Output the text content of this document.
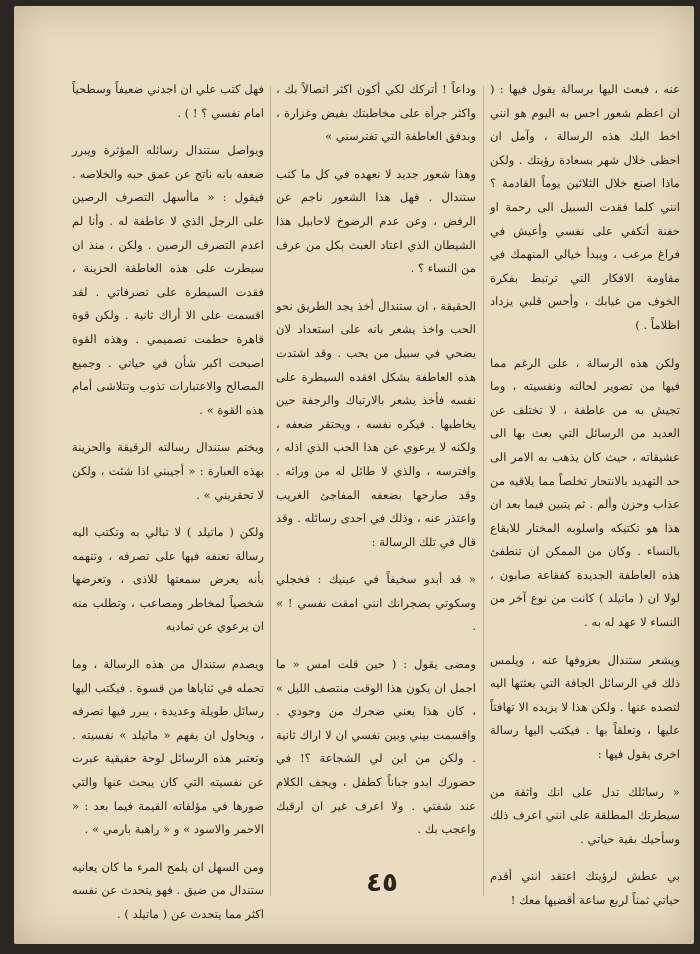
عنه ، فبعث اليها برسالة يقول فيها : ( ان اعظم شعور احس به اليوم هو انني اخط اليك هذه الرسالة ، وآمل ان احظى خلال شهر بسعادة رؤيتك . ولكن ماذا اصنع خلال الثلاثين يوماً القادمة ؟ انني كلما فقدت السبيل الى رحمة او حفنة أتكفي على نفسي وأعيش في فراغ مرعب ، ويبدأ خيالي المنهمك في مقاومة الافكار التي ترتبط بفكرة الخوف من غيابك ، وأحس قلبي يزداد اظلاماً . )

ولكن هذه الرسالة ، على الرغم مما فيها من تصوير لحالته ونفسيته ، وما تجيش به من عاطفة ، لا تختلف عن العديد من الرسائل التي بعث بها الى عشيقاته ، حيث كان يذهب به الامر الى حد التهديد بالانتحار تخلصاً مما يلاقيه من عذاب وحزن وألم . ثم يتبين فيما بعد ان هذا هو تكتيكه واسلوبه المختار للايقاع بالنساء . وكان من الممكن ان تنطفئ هذه العاطفة الجديدة كفقاعة صابون ، لولا ان ( ماتيلد ) كانت من نوع آخر من النساء لا عهد له به .

ويشعر ستندال بعزوفها عنه ، ويلمس ذلك في الرسائل الجافة التي بعثتها اليه لتصده عنها . ولكن هذا لا يزيده الا تهافتاً عليها ، وتعلقاً بها . فيكتب اليها رسالة اخرى يقول فيها :

« رسائلك تدل على انك واثقة من سيطرتك المطلقة على انني اعرف ذلك وسأحيك بقية حياتي .

بي عطش لرؤيتك اعتقد انني أقدم حياتي ثمناً لربع ساعة أقضيها معك !

وداعاً ! أتركك لكي أكون اكثر اتصالاً بك ، واكثر جرأة على مخاطبتك بفيض وغزارة ، وبدفق العاطفة التي تفترسني »

وهذا شعور جديد لا نعهده في كل ما كتب ستندال . فهل هذا الشعور ناجم عن الرفض ، وعن عدم الرضوخ لاحابيل هذا الشيطان الذي اعتاد العبث بكل من عرف من النساء ؟ .

الحقيقة ، ان ستندال أخذ يجد الطريق نحو الحب واخذ يشعر بانه على استعداد لان يضحي في سبيل من يحب . وقد اشتدت هذه العاطفة بشكل افقده السيطرة على نفسه فأخذ يشعر بالارتباك والرجفة حين يخاطبها . فيكره نفسه ، ويحتقر ضعفه ، ولكنه لا يرعوي عن هذا الحب الذي اذله ، وافترسه ، والذي لا طائل له من ورائه . وقد صارحها بضعفه المفاجئ الغريب واعتذر عنه ، وذلك في احدى رسائله . وقد قال في تلك الرسالة :

« قد أبدو سخيفاً في عينيك : فخجلي وسكوتي بضجرانك انني امقت نفسي ! » .

ومضى يقول : ( حين قلت امس « ما اجمل ان يكون هذا الوقت منتصف الليل » ، كان هذا يعني ضجرك من وجودي . واقسمت بيني وبين نفسي ان لا اراك ثانية . ولكن من اين لي الشجاعة ؟! في حضورك ابدو جباناً كطفل ، ويجف الكلام عند شفتي . ولا اعرف غير ان ارقبك واعجب بك .

فهل كتب علي ان اجدني ضعيفاً وسطحياً امام نفسي ؟ ! ) .

ويواصل ستندال رسائله المؤثرة ويبرر ضعفه بانه ناتج عن عمق حبه والخلاصه . فيقول : « ماأسهل التصرف الرصين على الرجل الذي لا عاطفة له . وأنا لم اعدم التصرف الرصين . ولكن ، منذ ان سيطرت على هذه العاطفة الحزينة ، فقدت السيطرة على تصرفاتي . لقد اقسمت على الا أراك ثانية . ولكن قوة قاهرة حطمت تصميمي . وهذه القوة اصبحت اكبر شأن في حياتي . وجميع المصالح والاعتبارات تذوب وتتلاشى أمام هذه القوة » .

ويختم ستندال رسالته الرقيقة والحزينة بهذه العبارة : « أجيبني اذا شئت ، ولكن لا تحقريني » .

ولكن ( ماتيلد ) لا تبالي به وتكتب اليه رسالة تعنفه فيها على تصرفه ، وتتهمه بأنه يعرض سمعتها للاذى ، وتعرضها شخصياً لمخاطر ومصاعب ، وتطلب منه ان يرعوي عن تماديه

ويصدم ستندال من هذه الرسالة ، وما تحمله في ثناياها من قسوة . فيكتب اليها رسائل طويلة وعديدة ، يبرر فيها تصرفه ، ويحاول ان يفهم « ماتيلد » نفسيته . وتعتبر هذه الرسائل لوحة حقيقية عبرت عن نفسيته التي كان يبحث عنها والتي صورها في مؤلفاته القيمة فيما بعد : « الاحمر والاسود » و « راهبة بارمي » .

ومن السهل ان يلمح المرء ما كان يعانيه ستندال من ضيق . فهو يتحدث عن نفسه اكثر مما يتحدث عن ( ماتيلد ) .

٤٥
